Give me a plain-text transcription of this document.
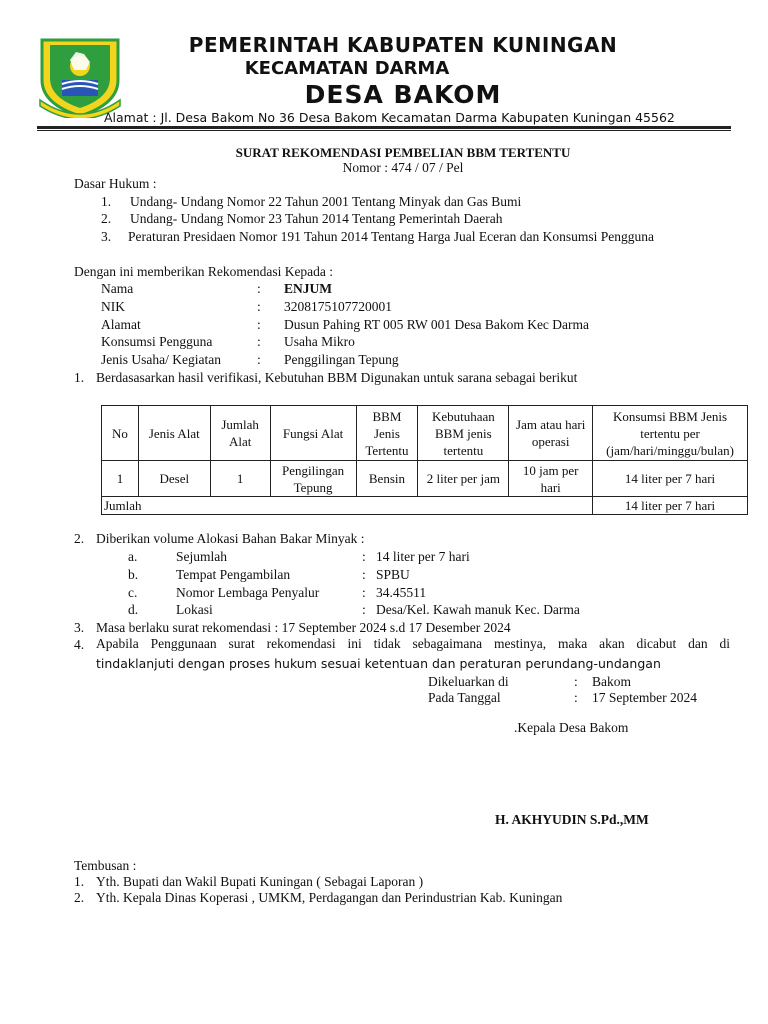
PEMERINTAH KABUPATEN KUNINGAN
KECAMATAN DARMA
DESA BAKOM
Alamat : Jl. Desa Bakom No 36 Desa Bakom Kecamatan Darma Kabupaten Kuningan 45562
SURAT REKOMENDASI PEMBELIAN BBM TERTENTU
Nomor : 474 / 07 / Pel
Dasar Hukum :
1. Undang- Undang Nomor 22 Tahun 2001 Tentang Minyak dan Gas Bumi
2. Undang- Undang Nomor 23 Tahun 2014 Tentang Pemerintah Daerah
3. Peraturan Presidaen Nomor 191 Tahun 2014 Tentang Harga Jual Eceran dan Konsumsi Pengguna
Dengan ini memberikan Rekomendasi Kepada :
Nama	: ENJUM
NIK	: 3208175107720001
Alamat	: Dusun Pahing RT 005 RW 001 Desa Bakom Kec Darma
Konsumsi Pengguna	: Usaha Mikro
Jenis Usaha/ Kegiatan	: Penggilingan Tepung
1. Berdasasarkan hasil verifikasi, Kebutuhan BBM Digunakan untuk sarana sebagai berikut
No	Jenis Alat	Jumlah Alat	Fungsi Alat	BBM Jenis Tertentu	Kebutuhaan BBM jenis tertentu	Jam atau hari operasi	Konsumsi BBM Jenis tertentu per (jam/hari/minggu/bulan)
1	Desel	1	Pengilingan Tepung	Bensin	2 liter per jam	10 jam per hari	14 liter per 7 hari
Jumlah							14 liter per 7 hari
2. Diberikan volume Alokasi Bahan Bakar Minyak :
a.	Sejumlah	: 14 liter per 7 hari
b.	Tempat Pengambilan	: SPBU
c.	Nomor Lembaga Penyalur	: 34.45511
d.	Lokasi	: Desa/Kel. Kawah manuk Kec. Darma
3. Masa berlaku surat rekomendasi : 17 September 2024 s.d 17 Desember 2024
4. Apabila Penggunaan surat rekomendasi ini tidak sebagaimana mestinya, maka akan dicabut dan di
tindaklanjuti dengan proses hukum sesuai ketentuan dan peraturan perundang-undangan
Dikeluarkan di	: Bakom
Pada Tanggal	: 17 September 2024
.Kepala Desa Bakom
H. AKHYUDIN S.Pd.,MM
Tembusan :
1. Yth. Bupati dan Wakil Bupati Kuningan ( Sebagai Laporan )
2. Yth. Kepala Dinas Koperasi , UMKM, Perdagangan dan Perindustrian Kab. Kuningan
